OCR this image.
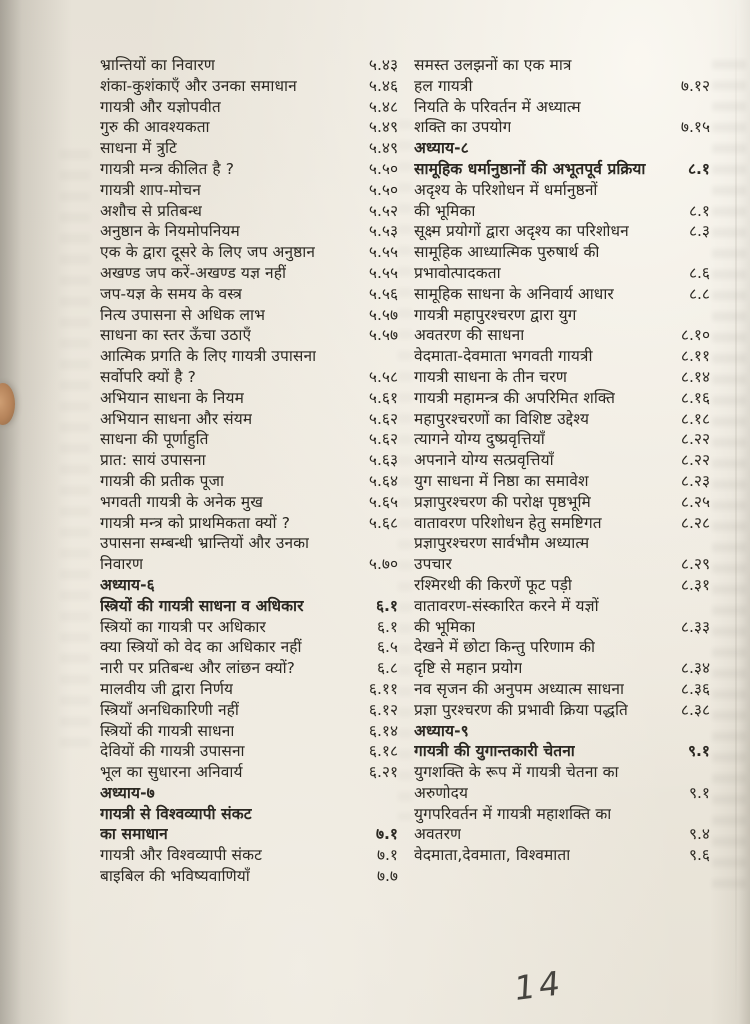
भ्रान्तियों का निवारण	५.४३
शंका-कुशंकाएँ और उनका समाधान	५.४६
गायत्री और यज्ञोपवीत	५.४८
गुरु की आवश्यकता	५.४९
साधना में त्रुटि	५.४९
गायत्री मन्त्र कीलित है ?	५.५०
गायत्री शाप-मोचन	५.५०
अशौच से प्रतिबन्ध	५.५२
अनुष्ठान के नियमोपनियम	५.५३
एक के द्वारा दूसरे के लिए जप अनुष्ठान	५.५५
अखण्ड जप करें-अखण्ड यज्ञ नहीं	५.५५
जप-यज्ञ के समय के वस्त्र	५.५६
नित्य उपासना से अधिक लाभ	५.५७
साधना का स्तर ऊँचा उठाएँ	५.५७
आत्मिक प्रगति के लिए गायत्री उपासना
सर्वोपरि क्यों है ?	५.५८
अभियान साधना के नियम	५.६१
अभियान साधना और संयम	५.६२
साधना की पूर्णाहुति	५.६२
प्रात: सायं उपासना	५.६३
गायत्री की प्रतीक पूजा	५.६४
भगवती गायत्री के अनेक मुख	५.६५
गायत्री मन्त्र को प्राथमिकता क्यों ?	५.६८
उपासना सम्बन्धी भ्रान्तियों और उनका
निवारण	५.७०
अध्याय-६
स्त्रियों की गायत्री साधना व अधिकार	६.१
स्त्रियों का गायत्री पर अधिकार	६.१
क्या स्त्रियों को वेद का अधिकार नहीं	६.५
नारी पर प्रतिबन्ध और लांछन क्यों?	६.८
मालवीय जी द्वारा निर्णय	६.११
स्त्रियाँ अनधिकारिणी नहीं	६.१२
स्त्रियों की गायत्री साधना	६.१४
देवियों की गायत्री उपासना	६.१८
भूल का सुधारना अनिवार्य	६.२१
अध्याय-७
गायत्री से विश्वव्यापी संकट
का समाधान	७.१
गायत्री और विश्वव्यापी संकट	७.१
बाइबिल की भविष्यवाणियाँ	७.७
समस्त उलझनों का एक मात्र
हल गायत्री	७.१२
नियति के परिवर्तन में अध्यात्म
शक्ति का उपयोग	७.१५
अध्याय-८
सामूहिक धर्मानुष्ठानों की अभूतपूर्व प्रक्रिया	८.१
अदृश्य के परिशोधन में धर्मानुष्ठनों
की भूमिका	८.१
सूक्ष्म प्रयोगों द्वारा अदृश्य का परिशोधन	८.३
सामूहिक आध्यात्मिक पुरुषार्थ की
प्रभावोत्पादकता	८.६
सामूहिक साधना के अनिवार्य आधार	८.८
गायत्री महापुरश्चरण द्वारा युग
अवतरण की साधना	८.१०
वेदमाता-देवमाता भगवती गायत्री	८.११
गायत्री साधना के तीन चरण	८.१४
गायत्री महामन्त्र की अपरिमित शक्ति	८.१६
महापुरश्चरणों का विशिष्ट उद्देश्य	८.१८
त्यागने योग्य दुष्प्रवृत्तियाँ	८.२२
अपनाने योग्य सत्प्रवृत्तियाँ	८.२२
युग साधना में निष्ठा का समावेश	८.२३
प्रज्ञापुरश्चरण की परोक्ष पृष्ठभूमि	८.२५
वातावरण परिशोधन हेतु समष्टिगत	८.२८
प्रज्ञापुरश्चरण सार्वभौम अध्यात्म
उपचार	८.२९
रश्मिरथी की किरणें फूट पड़ी	८.३१
वातावरण-संस्कारित करने में यज्ञों
की भूमिका	८.३३
देखने में छोटा किन्तु परिणाम की
दृष्टि से महान प्रयोग	८.३४
नव सृजन की अनुपम अध्यात्म साधना	८.३६
प्रज्ञा पुरश्चरण की प्रभावी क्रिया पद्धति	८.३८
अध्याय-९
गायत्री की युगान्तकारी चेतना	९.१
युगशक्ति के रूप में गायत्री चेतना का
अरुणोदय	९.१
युगपरिवर्तन में गायत्री महाशक्ति का
अवतरण	९.४
वेदमाता,देवमाता, विश्वमाता	९.६
14
